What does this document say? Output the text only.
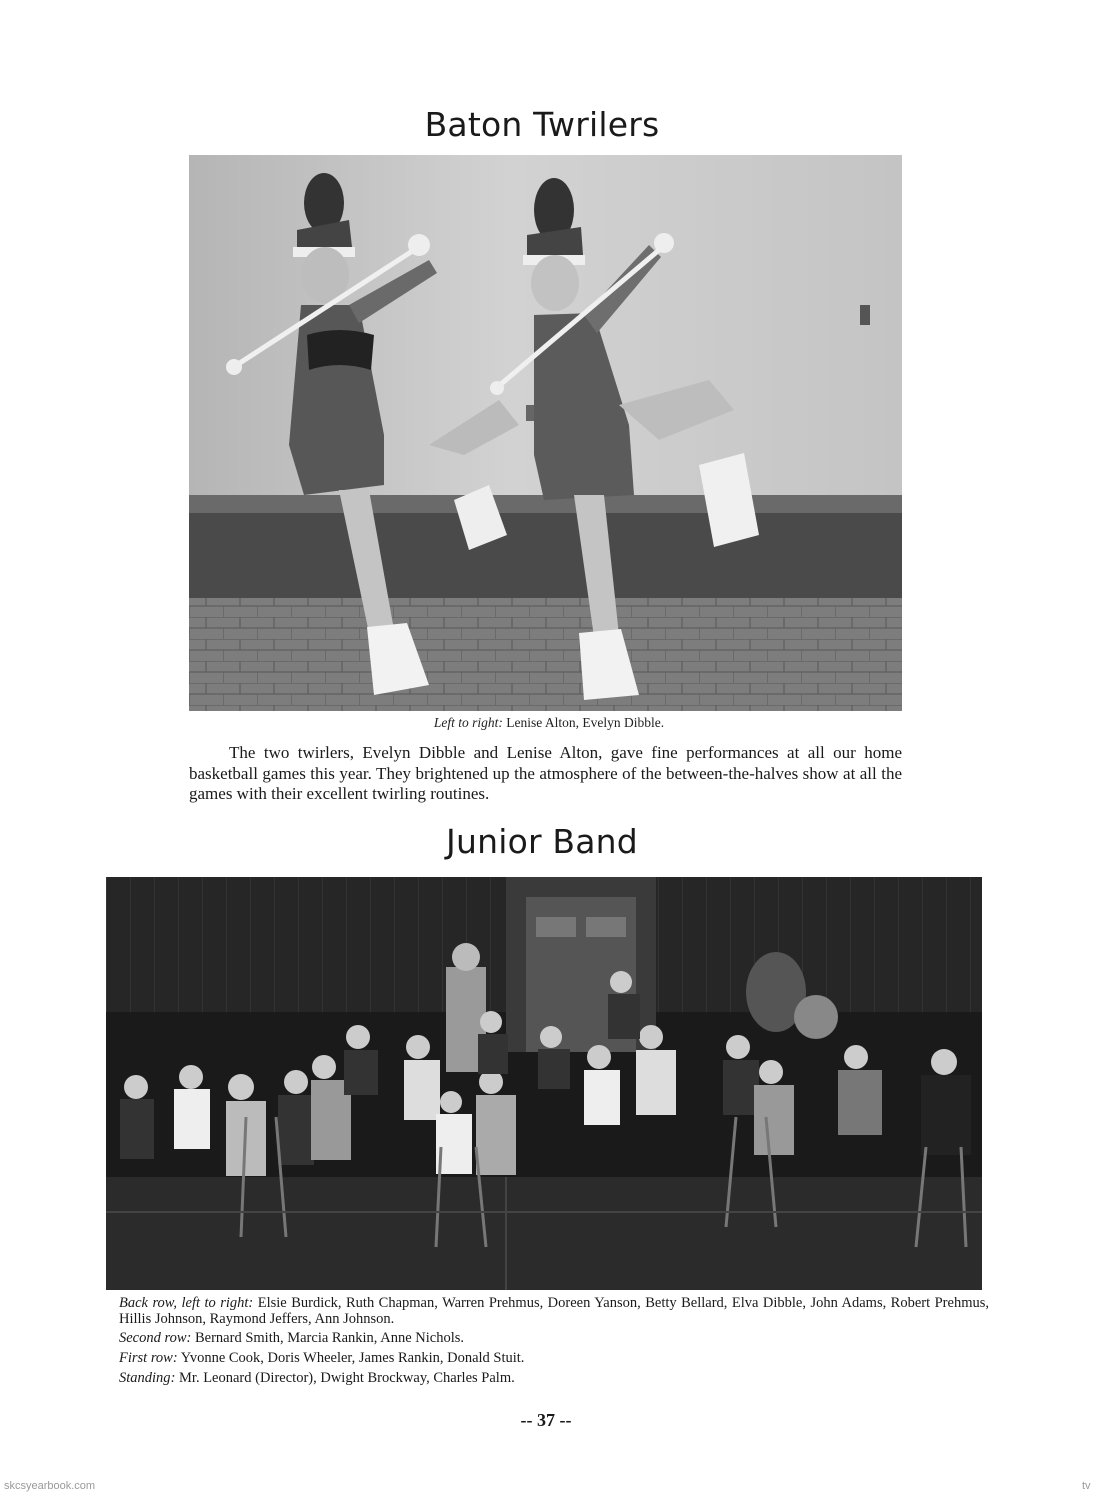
Baton Twrilers
Left to right: Lenise Alton, Evelyn Dibble.

The two twirlers, Evelyn Dibble and Lenise Alton, gave fine performances at all our home basketball games this year. They brightened up the atmosphere of the between-the-halves show at all the games with their excellent twirling routines.

Junior Band

Back row, left to right: Elsie Burdick, Ruth Chapman, Warren Prehmus, Doreen Yanson, Betty Bellard, Elva Dibble, John Adams, Robert Prehmus, Hillis Johnson, Raymond Jeffers, Ann Johnson.

Second row: Bernard Smith, Marcia Rankin, Anne Nichols.

First row: Yvonne Cook, Doris Wheeler, James Rankin, Donald Stuit.

Standing: Mr. Leonard (Director), Dwight Brockway, Charles Palm.

-- 37 --
skcsyearbook.com	tv
